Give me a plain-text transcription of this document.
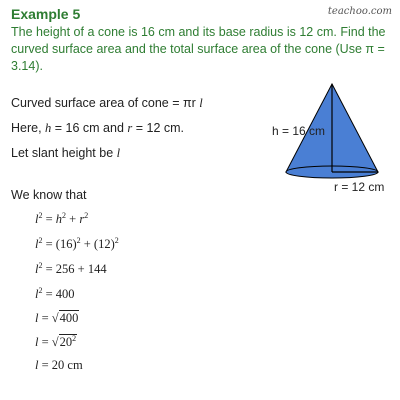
Example 5	teachoo.com
The height of a cone is 16 cm and its base radius is 12 cm. Find the curved surface area and the total surface area of the cone (Use π = 3.14).
Curved surface area of cone = πr l
Here, h = 16 cm and r = 12 cm.
Let slant height be l
We know that
$l^2 = h^2 + r^2$
$l^2 = (16)^2 + (12)^2$
$l^2 = 256 + 144$
$l^2 = 400$
l = √400
$l = √20^2$
l = 20 cm
h = 16 cm
r = 12 cm
